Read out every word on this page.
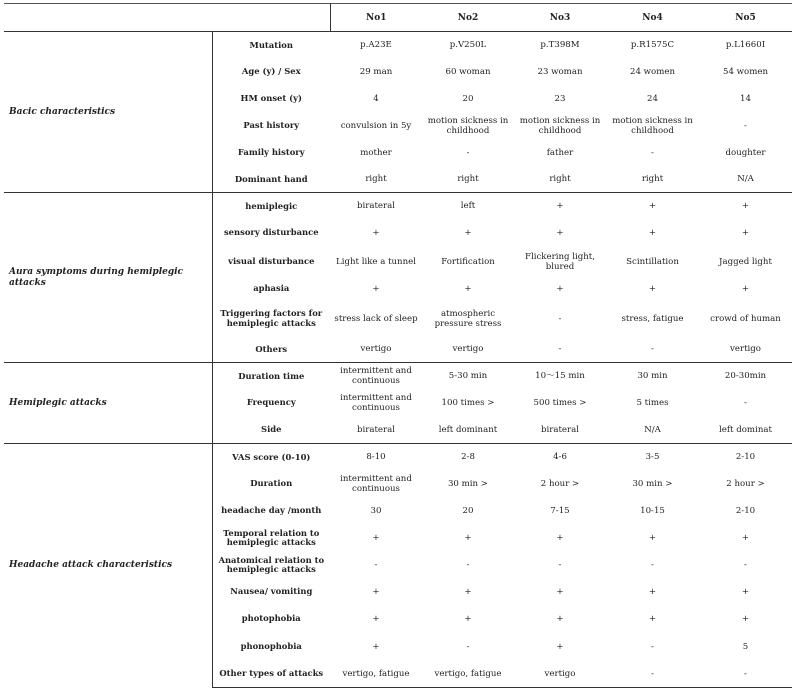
		No1	No2	No3	No4	No5
Bacic characteristics	Mutation	p.A23E	p.V250L	p.T398M	p.R1575C	p.L1660I
	Age (y) / Sex	29 man	60 woman	23 woman	24 women	54 women
	HM onset (y)	4	20	23	24	14
	Past history	convulsion in 5y	motion sickness in childhood	motion sickness in childhood	motion sickness in childhood	-
	Family history	mother	-	father	-	doughter
	Dominant hand	right	right	right	right	N/A
Aura symptoms during hemiplegic attacks	hemiplegic	birateral	left	+	+	+
	sensory disturbance	+	+	+	+	+
	visual disturbance	Light like a tunnel	Fortification	Flickering light, blured	Scintillation	Jagged light
	aphasia	+	+	+	+	+
	Triggering factors for hemiplegic attacks	stress lack of sleep	atmospheric pressure stress	-	stress, fatigue	crowd of human
	Others	vertigo	vertigo	-	-	vertigo
Hemiplegic attacks	Duration time	intermittent and continuous	5-30 min	10～15 min	30 min	20-30min
	Frequency	intermittent and continuous	100 times >	500 times >	5 times	-
	Side	birateral	left dominant	birateral	N/A	left dominat
Headache attack characteristics	VAS score (0-10)	8-10	2-8	4-6	3-5	2-10
	Duration	intermittent and continuous	30 min >	2 hour >	30 min >	2 hour >
	headache day /month	30	20	7-15	10-15	2-10
	Temporal relation to hemiplegic attacks	+	+	+	+	+
	Anatomical relation to hemiplegic attacks	-	-	-	-	-
	Nausea/ vomiting	+	+	+	+	+
	photophobia	+	+	+	+	+
	phonophobia	+	-	+	-	5
	Other types of attacks	vertigo, fatigue	vertigo, fatigue	vertigo	-	-
